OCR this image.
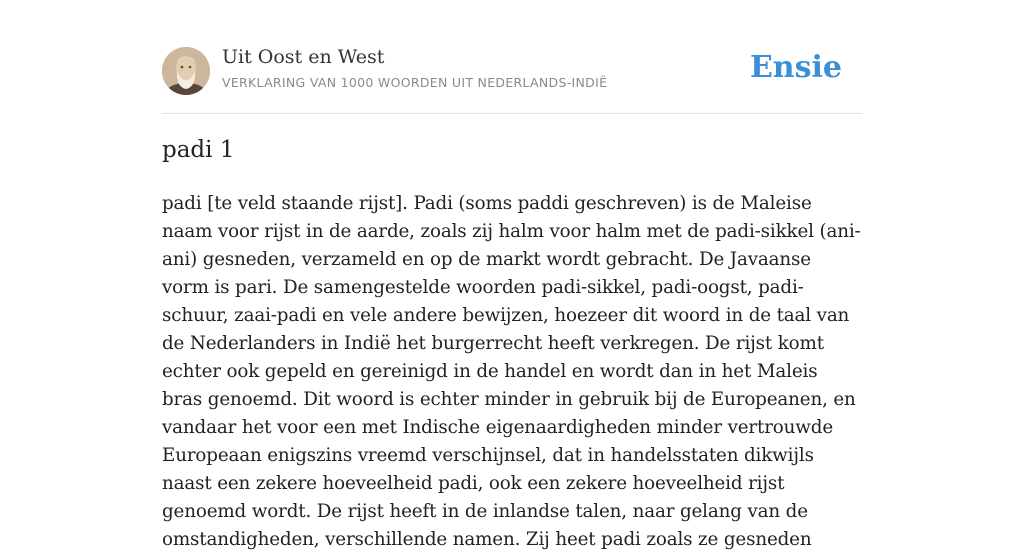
Uit Oost en West
VERKLARING VAN 1000 WOORDEN UIT NEDERLANDS-INDIË	Ensie
padi 1

padi [te veld staande rijst]. Padi (soms paddi geschreven) is de Maleise naam voor rijst in de aarde, zoals zij halm voor halm met de padi-sikkel (ani-ani) gesneden, verzameld en op de markt wordt gebracht. De Javaanse vorm is pari. De samengestelde woorden padi-sikkel, padi-oogst, padi-schuur, zaai-padi en vele andere bewijzen, hoezeer dit woord in de taal van de Nederlanders in Indië het burgerrecht heeft verkregen. De rijst komt echter ook gepeld en gereinigd in de handel en wordt dan in het Maleis bras genoemd. Dit woord is echter minder in gebruik bij de Europeanen, en vandaar het voor een met Indische eigenaardigheden minder vertrouwde Europeaan enigszins vreemd verschijnsel, dat in handelsstaten dikwijls naast een zekere hoeveelheid padi, ook een zekere hoeveelheid rijst genoemd wordt. De rijst heeft in de inlandse talen, naar gelang van de omstandigheden, verschillende namen. Zij heet padi zoals ze gesneden
